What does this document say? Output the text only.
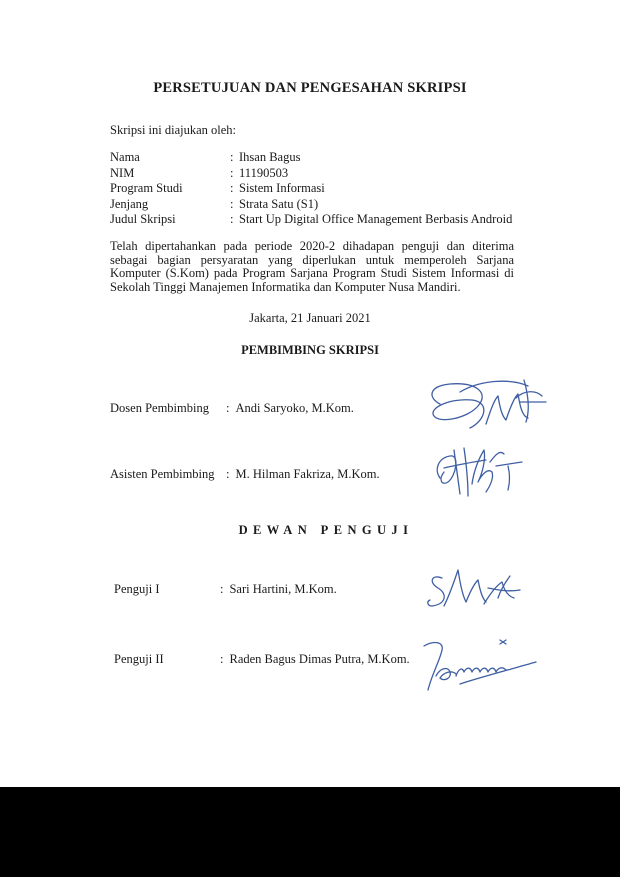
PERSETUJUAN DAN PENGESAHAN SKRIPSI
Skripsi ini diajukan oleh:
Nama	: Ihsan Bagus
NIM	: 11190503
Program Studi	: Sistem Informasi
Jenjang	: Strata Satu (S1)
Judul Skripsi	: Start Up Digital Office Management Berbasis Android
Telah dipertahankan pada periode 2020-2 dihadapan penguji dan diterima sebagai bagian persyaratan yang diperlukan untuk memperoleh Sarjana Komputer (S.Kom) pada Program Sarjana Program Studi Sistem Informasi di Sekolah Tinggi Manajemen Informatika dan Komputer Nusa Mandiri.
Jakarta, 21 Januari 2021
PEMBIMBING SKRIPSI
Dosen Pembimbing	: Andi Saryoko, M.Kom.
Asisten Pembimbing : M. Hilman Fakriza, M.Kom.
DEWAN PENGUJI
Penguji I	: Sari Hartini, M.Kom.
Penguji II	: Raden Bagus Dimas Putra, M.Kom.
